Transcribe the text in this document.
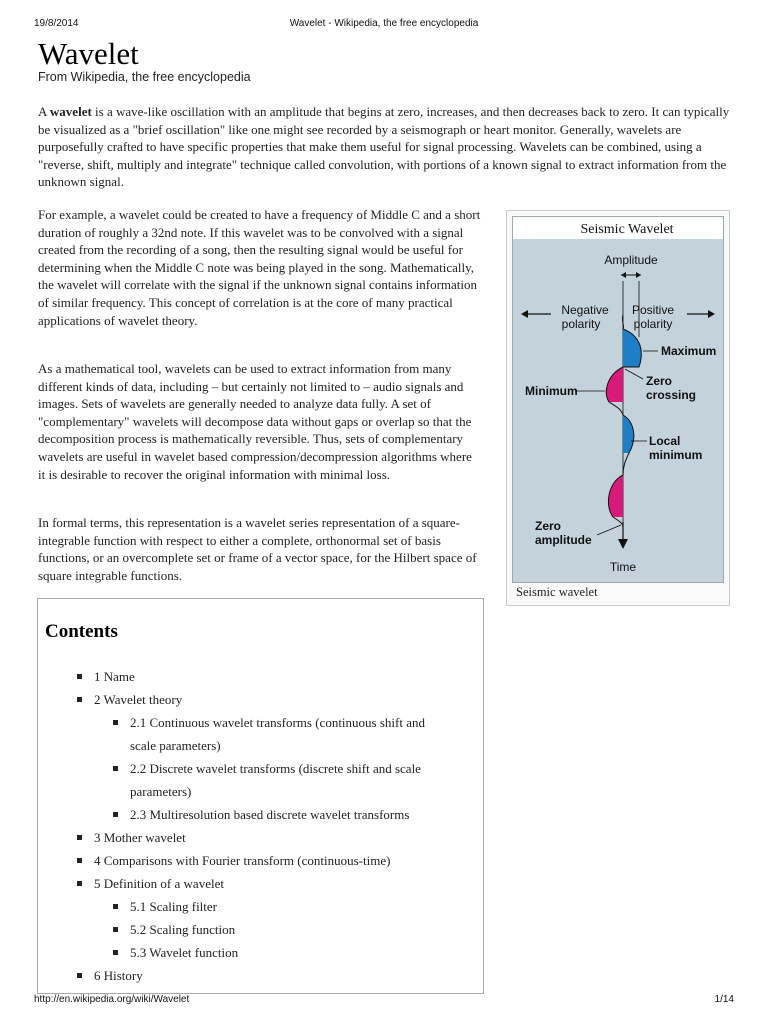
19/8/2014	Wavelet - Wikipedia, the free encyclopedia
Wavelet
From Wikipedia, the free encyclopedia

A wavelet is a wave-like oscillation with an amplitude that begins at zero, increases, and then decreases back to zero. It can typically be visualized as a "brief oscillation" like one might see recorded by a seismograph or heart monitor. Generally, wavelets are purposefully crafted to have specific properties that make them useful for signal processing. Wavelets can be combined, using a "reverse, shift, multiply and integrate" technique called convolution, with portions of a known signal to extract information from the unknown signal.

For example, a wavelet could be created to have a frequency of Middle C and a short duration of roughly a 32nd note. If this wavelet was to be convolved with a signal created from the recording of a song, then the resulting signal would be useful for determining when the Middle C note was being played in the song. Mathematically, the wavelet will correlate with the signal if the unknown signal contains information of similar frequency. This concept of correlation is at the core of many practical applications of wavelet theory.

As a mathematical tool, wavelets can be used to extract information from many different kinds of data, including – but certainly not limited to – audio signals and images. Sets of wavelets are generally needed to analyze data fully. A set of "complementary" wavelets will decompose data without gaps or overlap so that the decomposition process is mathematically reversible. Thus, sets of complementary wavelets are useful in wavelet based compression/decompression algorithms where it is desirable to recover the original information with minimal loss.

In formal terms, this representation is a wavelet series representation of a square-integrable function with respect to either a complete, orthonormal set of basis functions, or an overcomplete set or frame of a vector space, for the Hilbert space of square integrable functions.

Seismic Wavelet
Amplitude
Negative
polarity
Positive
polarity
Maximum
Minimum
Zero
crossing
Local
minimum
Zero
amplitude
Time
Seismic wavelet
Contents
1 Name
2 Wavelet theory
2.1 Continuous wavelet transforms (continuous shift and
scale parameters)
2.2 Discrete wavelet transforms (discrete shift and scale
parameters)
2.3 Multiresolution based discrete wavelet transforms
3 Mother wavelet
4 Comparisons with Fourier transform (continuous-time)
5 Definition of a wavelet
5.1 Scaling filter
5.2 Scaling function
5.3 Wavelet function
6 History
http://en.wikipedia.org/wiki/Wavelet	1/14
